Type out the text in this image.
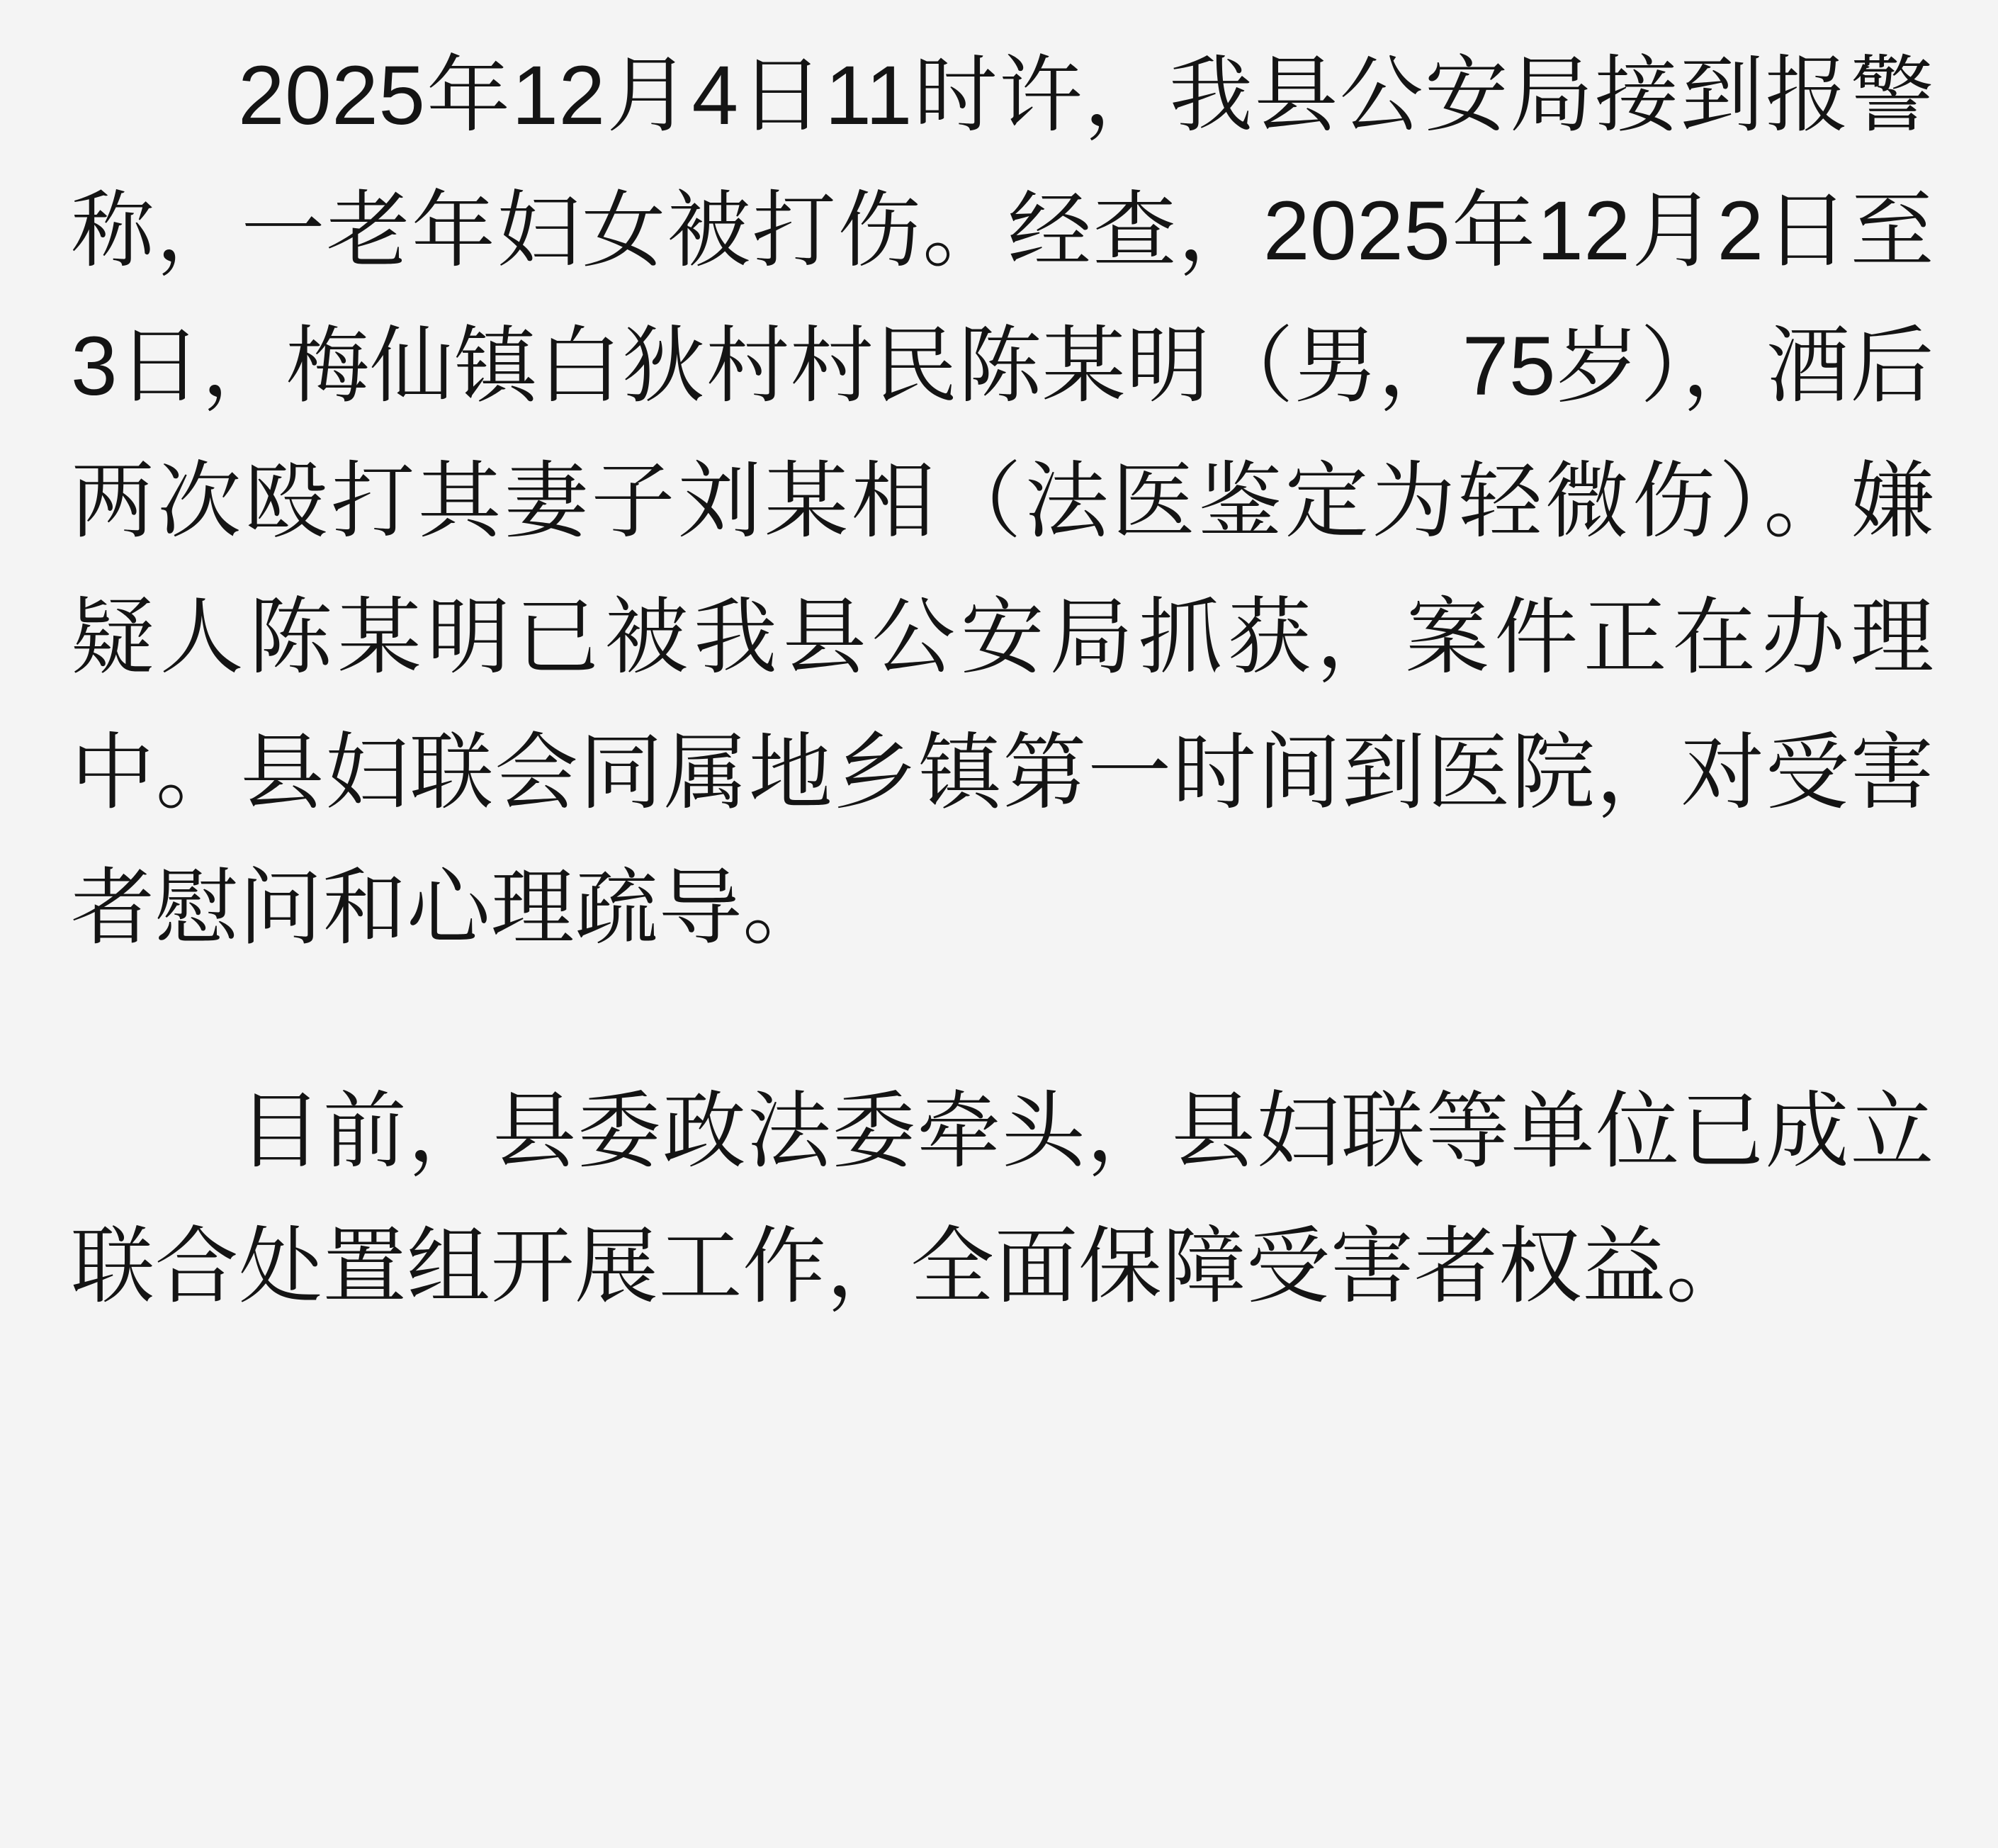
2025年12月4日11时许，我县公安局接到报警称，一老年妇女被打伤。经查，2025年12月2日至3日，梅仙镇白狄村村民陈某明（男，75岁），酒后两次殴打其妻子刘某相（法医鉴定为轻微伤）。嫌疑人陈某明已被我县公安局抓获，案件正在办理中。县妇联会同属地乡镇第一时间到医院，对受害者慰问和心理疏导。

目前，县委政法委牵头，县妇联等单位已成立联合处置组开展工作，全面保障受害者权益。
